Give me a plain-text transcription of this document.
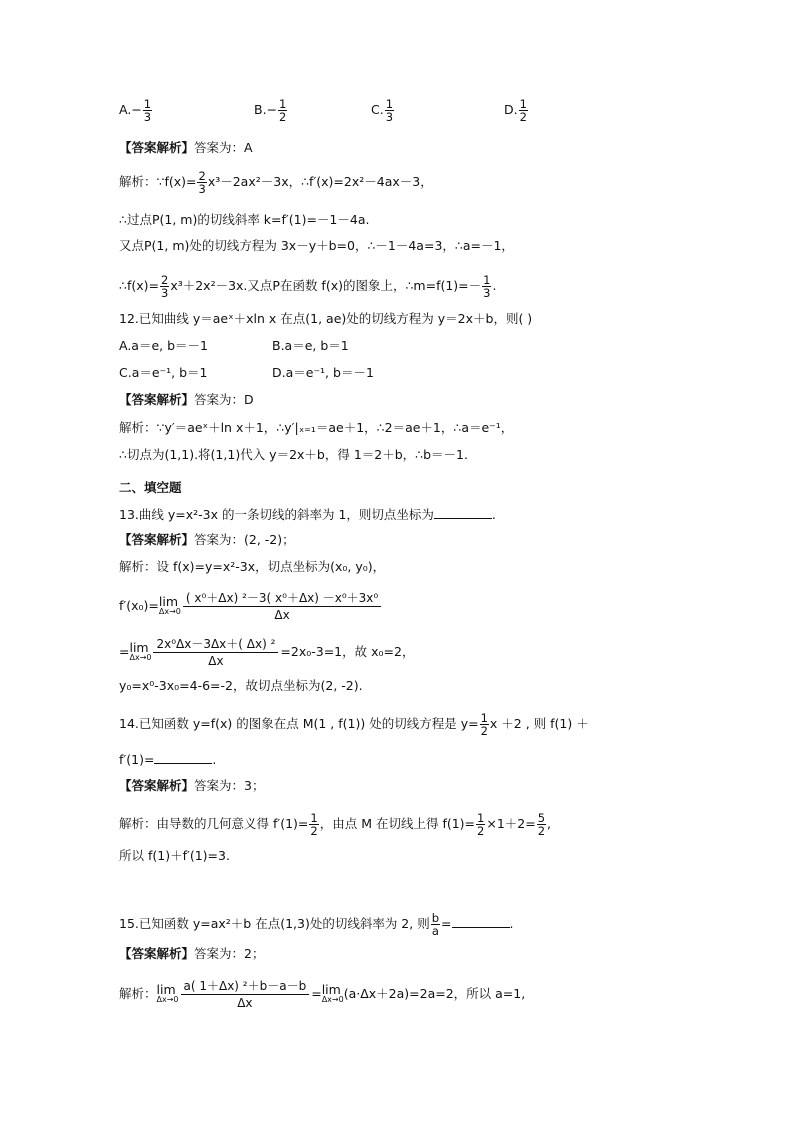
$A.- \frac{1}{3}$	$B.- \frac{1}{2}$	C. $\frac{1}{3}$	D. $\frac{1}{2}$
【答案解析】答案为：A
解析：∵f(x)= $\frac{2}{3} x^3-2ax^2-3x$，∴f′(x)=2x²－4ax－3，
∴过点P(1, m)的切线斜率 k=f′(1)=－1－4a.
又点P(1, m)处的切线方程为 3x－y＋b=0，∴－1－4a=3，∴a=－1，
∴f(x)= $\frac{2}{3} x^3+2x^2-3x$.又点P在函数 f(x)的图象上，∴m=f(1)=－ $\frac{1}{3}$ .
12.已知曲线 y＝aeˣ＋xln x 在点(1, ae)处的切线方程为 y＝2x＋b，则( )
A.a＝e, b＝－1	B.a＝e, b＝1
C.a＝e⁻¹, b＝1	D.a＝e⁻¹, b＝－1
【答案解析】答案为：D
解析：∵y′＝aeˣ＋ln x＋1，∴y′|ₓ₌₁＝ae＋1，∴2＝ae＋1，∴a＝e⁻¹，
∴切点为(1,1).将(1,1)代入 y＝2x＋b，得 1＝2＋b，∴b＝－1.
二、填空题
13.曲线 y=x²-3x 的一条切线的斜率为 1，则切点坐标为	.
【答案解析】答案为：(2, -2)；
解析：设 f(x)=y=x²-3x，切点坐标为(x₀, y₀)，
f′(x₀)= lim
$\Delta x\to 0 \frac{\text{( x⁰＋Δx) ²－3( x⁰＋Δx) －x⁰＋3x⁰}}{\Delta x}$
= lim
$\Delta x\to 0 \frac{\text{2x⁰Δx－3Δx＋( Δx) ²}}{\Delta x} =2x_0-3=1$，故 x₀=2，
y₀=x⁰-3x₀=4-6=-2，故切点坐标为(2, -2).
14.已知函数 y=f(x) 的图象在点 M(1 , f(1)) 处的切线方程是 $y= \frac{1}{2}$ x ＋2 , 则 f(1) ＋
f′(1)=	.
【答案解析】答案为：3；
解析：由导数的几何意义得 $f'(1)= \frac{1}{2}$ ，由点 M 在切线上得 $f(1)= \frac{1}{2} \times 1+2= \frac{5}{2}$ ,
所以 f(1)＋f′(1)=3.
15.已知函数 y=ax²＋b 在点(1,3)处的切线斜率为 2, 则 $\frac{b}{a}$ =	.
【答案解析】答案为：2；
解析： lim
$\Delta x\to 0 \frac{\text{a( 1＋Δx) ²＋b－a－b}}{\Delta x} = \lim$
Δx→0 (a·Δx＋2a)=2a=2，所以 a=1,
